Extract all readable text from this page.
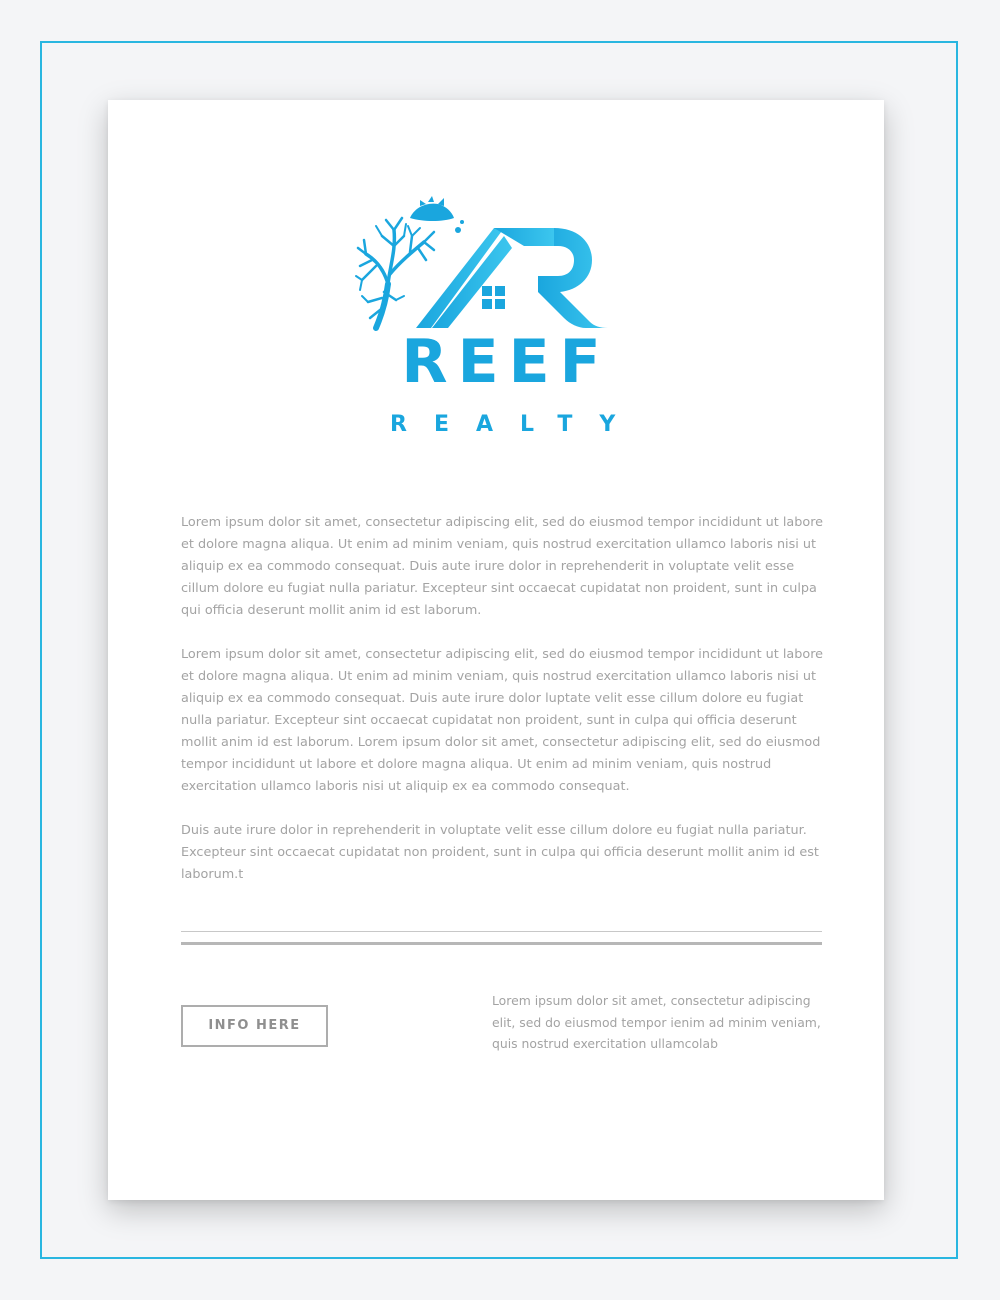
REEF
REALTY

Lorem ipsum dolor sit amet, consectetur adipiscing elit, sed do eiusmod tempor incididunt ut labore et dolore magna aliqua. Ut enim ad minim veniam, quis nostrud exercitation ullamco laboris nisi ut aliquip ex ea commodo consequat. Duis aute irure dolor in reprehenderit in voluptate velit esse cillum dolore eu fugiat nulla pariatur. Excepteur sint occaecat cupidatat non proident, sunt in culpa qui officia deserunt mollit anim id est laborum.

Lorem ipsum dolor sit amet, consectetur adipiscing elit, sed do eiusmod tempor incididunt ut labore et dolore magna aliqua. Ut enim ad minim veniam, quis nostrud exercitation ullamco laboris nisi ut aliquip ex ea commodo consequat. Duis aute irure dolor luptate velit esse cillum dolore eu fugiat nulla pariatur. Excepteur sint occaecat cupidatat non proident, sunt in culpa qui officia deserunt mollit anim id est laborum. Lorem ipsum dolor sit amet, consectetur adipiscing elit, sed do eiusmod tempor incididunt ut labore et dolore magna aliqua. Ut enim ad minim veniam, quis nostrud exercitation ullamco laboris nisi ut aliquip ex ea commodo consequat.

Duis aute irure dolor in reprehenderit in voluptate velit esse cillum dolore eu fugiat nulla pariatur. Excepteur sint occaecat cupidatat non proident, sunt in culpa qui officia deserunt mollit anim id est laborum.t

INFO HERE

Lorem ipsum dolor sit amet, consectetur adipiscing elit, sed do eiusmod tempor ienim ad minim veniam, quis nostrud exercitation ullamcolab
